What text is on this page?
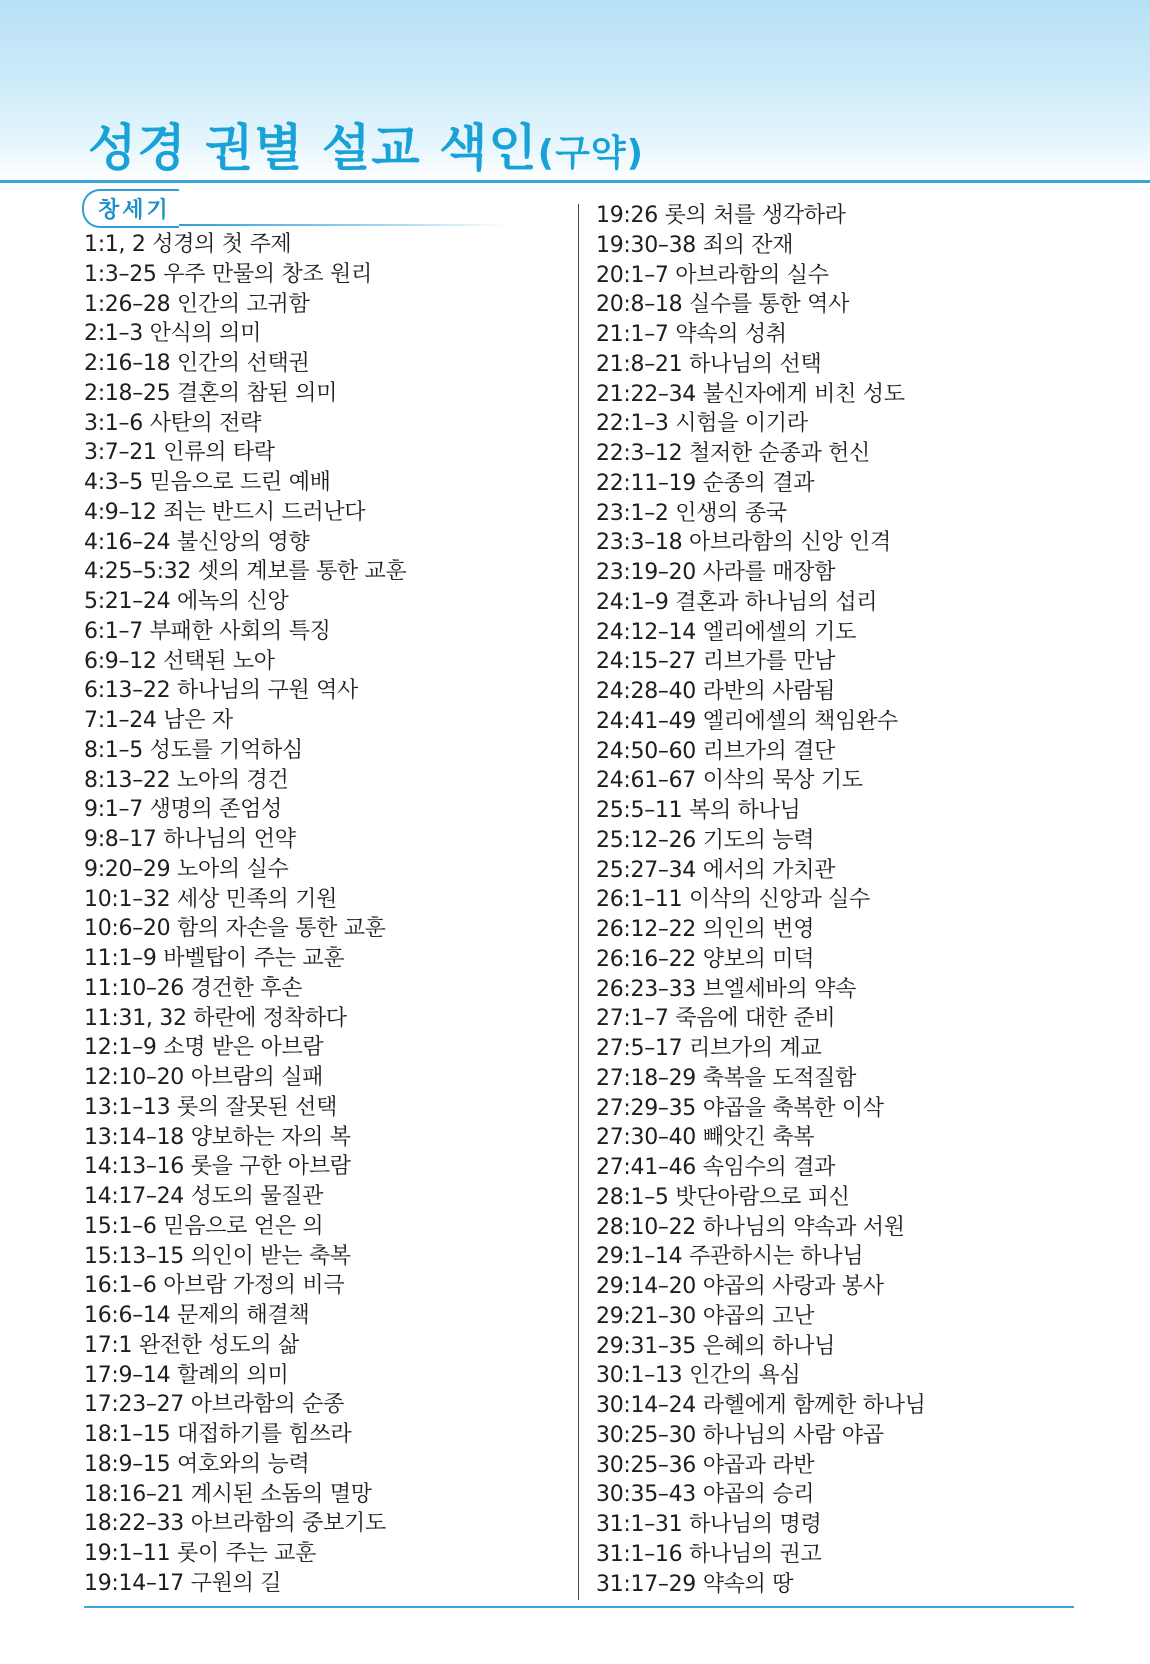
성경 권별 설교 색인(구약)
창세기
1:1, 2 성경의 첫 주제
1:3–25 우주 만물의 창조 원리
1:26–28 인간의 고귀함
2:1–3 안식의 의미
2:16–18 인간의 선택권
2:18–25 결혼의 참된 의미
3:1–6 사탄의 전략
3:7–21 인류의 타락
4:3–5 믿음으로 드린 예배
4:9–12 죄는 반드시 드러난다
4:16–24 불신앙의 영향
4:25–5:32 셋의 계보를 통한 교훈
5:21–24 에녹의 신앙
6:1–7 부패한 사회의 특징
6:9–12 선택된 노아
6:13–22 하나님의 구원 역사
7:1–24 남은 자
8:1–5 성도를 기억하심
8:13–22 노아의 경건
9:1–7 생명의 존엄성
9:8–17 하나님의 언약
9:20–29 노아의 실수
10:1–32 세상 민족의 기원
10:6–20 함의 자손을 통한 교훈
11:1–9 바벨탑이 주는 교훈
11:10–26 경건한 후손
11:31, 32 하란에 정착하다
12:1–9 소명 받은 아브람
12:10–20 아브람의 실패
13:1–13 롯의 잘못된 선택
13:14–18 양보하는 자의 복
14:13–16 롯을 구한 아브람
14:17–24 성도의 물질관
15:1–6 믿음으로 얻은 의
15:13–15 의인이 받는 축복
16:1–6 아브람 가정의 비극
16:6–14 문제의 해결책
17:1 완전한 성도의 삶
17:9–14 할례의 의미
17:23–27 아브라함의 순종
18:1–15 대접하기를 힘쓰라
18:9–15 여호와의 능력
18:16–21 계시된 소돔의 멸망
18:22–33 아브라함의 중보기도
19:1–11 롯이 주는 교훈
19:14–17 구원의 길
19:26 롯의 처를 생각하라
19:30–38 죄의 잔재
20:1–7 아브라함의 실수
20:8–18 실수를 통한 역사
21:1–7 약속의 성취
21:8–21 하나님의 선택
21:22–34 불신자에게 비친 성도
22:1–3 시험을 이기라
22:3–12 철저한 순종과 헌신
22:11–19 순종의 결과
23:1–2 인생의 종국
23:3–18 아브라함의 신앙 인격
23:19–20 사라를 매장함
24:1–9 결혼과 하나님의 섭리
24:12–14 엘리에셀의 기도
24:15–27 리브가를 만남
24:28–40 라반의 사람됨
24:41–49 엘리에셀의 책임완수
24:50–60 리브가의 결단
24:61–67 이삭의 묵상 기도
25:5–11 복의 하나님
25:12–26 기도의 능력
25:27–34 에서의 가치관
26:1–11 이삭의 신앙과 실수
26:12–22 의인의 번영
26:16–22 양보의 미덕
26:23–33 브엘세바의 약속
27:1–7 죽음에 대한 준비
27:5–17 리브가의 계교
27:18–29 축복을 도적질함
27:29–35 야곱을 축복한 이삭
27:30–40 빼앗긴 축복
27:41–46 속임수의 결과
28:1–5 밧단아람으로 피신
28:10–22 하나님의 약속과 서원
29:1–14 주관하시는 하나님
29:14–20 야곱의 사랑과 봉사
29:21–30 야곱의 고난
29:31–35 은혜의 하나님
30:1–13 인간의 욕심
30:14–24 라헬에게 함께한 하나님
30:25–30 하나님의 사람 야곱
30:25–36 야곱과 라반
30:35–43 야곱의 승리
31:1–31 하나님의 명령
31:1–16 하나님의 권고
31:17–29 약속의 땅
